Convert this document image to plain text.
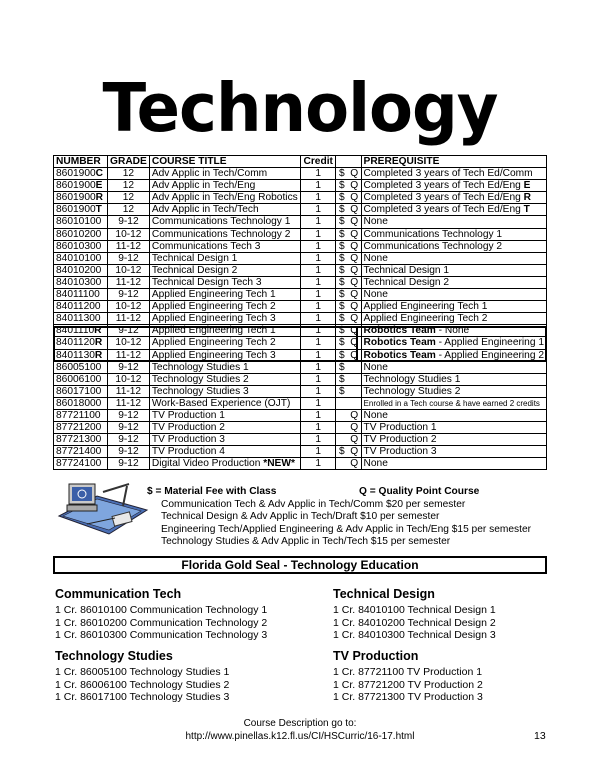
Technology
NUMBER	GRADE	COURSE TITLE	Credit			PREREQUISITE
8601900C	12	Adv Applic in Tech/Comm	1	$	Q	Completed 3 years of Tech Ed/Comm
8601900E	12	Adv Applic in Tech/Eng	1	$	Q	Completed 3 years of Tech Ed/Eng E
8601900R	12	Adv Applic in Tech/Eng Robotics	1	$	Q	Completed 3 years of Tech Ed/Eng R
8601900T	12	Adv Applic in Tech/Tech	1	$	Q	Completed 3 years of Tech Ed/Eng T
86010100	9-12	Communications Technology 1	1	$	Q	None
86010200	10-12	Communications Technology 2	1	$	Q	Communications Technology 1
86010300	11-12	Communications Tech 3	1	$	Q	Communications Technology 2
84010100	9-12	Technical Design 1	1	$	Q	None
84010200	10-12	Technical Design 2	1	$	Q	Technical Design 1
84010300	11-12	Technical Design Tech 3	1	$	Q	Technical Design 2
84011100	9-12	Applied Engineering Tech 1	1	$	Q	None
84011200	10-12	Applied Engineering Tech 2	1	$	Q	Applied Engineering Tech 1
84011300	11-12	Applied Engineering Tech 3	1	$	Q	Applied Engineering Tech 2
8401110R	9-12	Applied Engineering Tech 1	1	$	Q	Robotics Team - None
8401120R	10-12	Applied Engineering Tech 2	1	$	Q	Robotics Team - Applied Engineering 1
8401130R	11-12	Applied Engineering Tech 3	1	$	Q	Robotics Team - Applied Engineering 2
86005100	9-12	Technology Studies 1	1	$		None
86006100	10-12	Technology Studies 2	1	$		Technology Studies 1
86017100	11-12	Technology Studies 3	1	$		Technology Studies 2
86018000	11-12	Work-Based Experience (OJT)	1			Enrolled in a Tech course & have earned 2 credits
87721100	9-12	TV Production 1	1		Q	None
87721200	9-12	TV Production 2	1		Q	TV Production 1
87721300	9-12	TV Production 3	1		Q	TV Production 2
87721400	9-12	TV Production 4	1	$	Q	TV Production 3
87724100	9-12	Digital Video Production *NEW*	1		Q	None
$ = Material Fee with Class	Q = Quality Point Course
Communication Tech & Adv Applic in Tech/Comm $20 per semester
Technical Design & Adv Applic in Tech/Draft $10 per semester
Engineering Tech/Applied Engineering & Adv Applic in Tech/Eng $15 per semester
Technology Studies & Adv Applic in Tech/Tech $15 per semester
Florida Gold Seal - Technology Education
Communication Tech
1 Cr. 86010100 Communication Technology 1
1 Cr. 86010200 Communication Technology 2
1 Cr. 86010300 Communication Technology 3
Technical Design
1 Cr. 84010100 Technical Design 1
1 Cr. 84010200 Technical Design 2
1 Cr. 84010300 Technical Design 3
Technology Studies
1 Cr. 86005100 Technology Studies 1
1 Cr. 86006100 Technology Studies 2
1 Cr. 86017100 Technology Studies 3
TV Production
1 Cr. 87721100 TV Production 1
1 Cr. 87721200 TV Production 2
1 Cr. 87721300 TV Production 3
Course Description go to:
http://www.pinellas.k12.fl.us/CI/HSCurric/16-17.html	13
